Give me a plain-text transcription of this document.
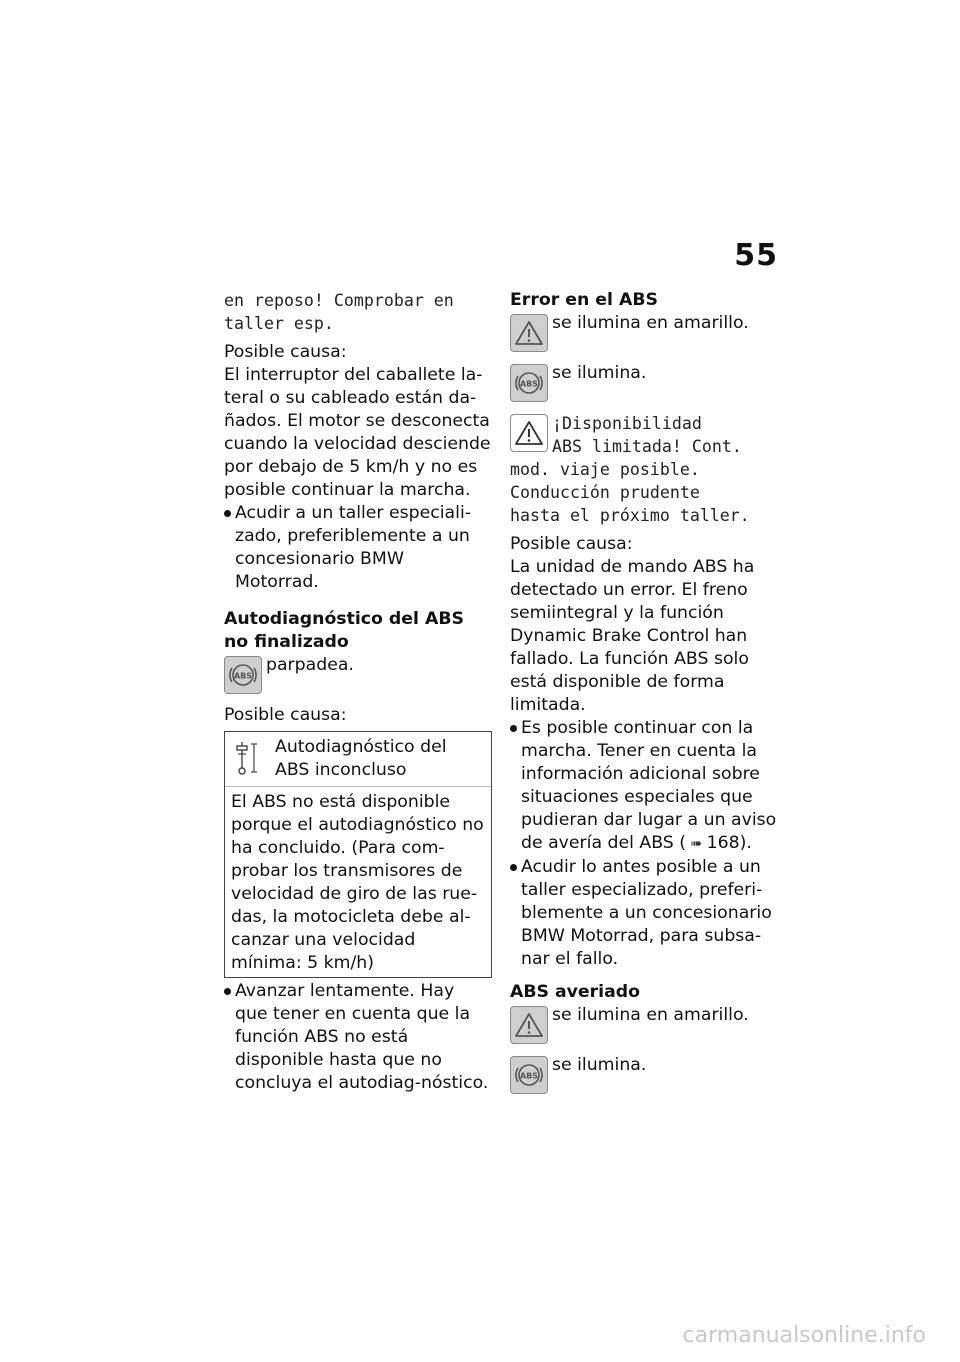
55

en reposo! Comprobar en

taller esp.

Posible causa:

El interruptor del caballete la-teral o su cableado están da-ñados. El motor se desconecta cuando la velocidad desciende por debajo de 5 km/h y no es posible continuar la marcha.

Acudir a un taller especiali-zado, preferiblemente a un concesionario BMW Motorrad.

Autodiagnóstico del ABS no finalizado

ABS
parpadea.

Posible causa:

Autodiagnóstico del ABS inconcluso
El ABS no está disponible porque el autodiagnóstico no ha concluido. (Para com-probar los transmisores de velocidad de giro de las rue-das, la motocicleta debe al-canzar una velocidad mínima: 5 km/h)

Avanzar lentamente. Hay que tener en cuenta que la función ABS no está disponible hasta que no concluya el autodiag-nóstico.

Error en el ABS

se ilumina en amarillo.
ABS
se ilumina.

¡Disponibilidad

ABS limitada! Cont.

mod. viaje posible.

Conducción prudente

hasta el próximo taller.

Posible causa:

La unidad de mando ABS ha detectado un error. El freno semiintegral y la función Dynamic Brake Control han fallado. La función ABS solo está disponible de forma limitada.

Es posible continuar con la marcha. Tener en cuenta la información adicional sobre situaciones especiales que pudieran dar lugar a un aviso de avería del ABS ( ➠ 168).

Acudir lo antes posible a un taller especializado, preferi-blemente a un concesionario BMW Motorrad, para subsa-nar el fallo.

ABS averiado

se ilumina en amarillo.
ABS
se ilumina.
carmanualsonline.info
